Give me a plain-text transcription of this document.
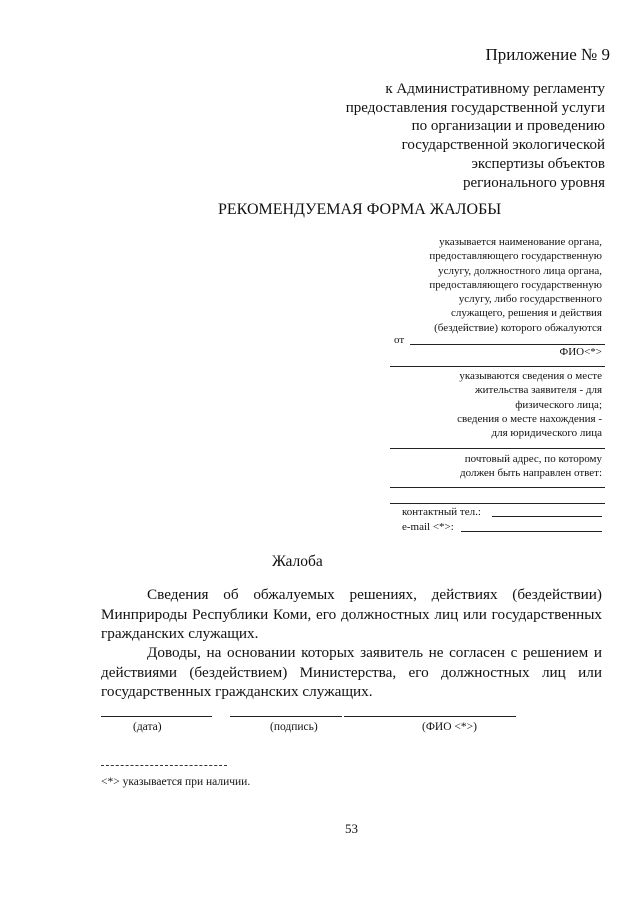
Приложение № 9
к Административному регламенту
предоставления государственной услуги
по организации и проведению
государственной экологической
экспертизы объектов
регионального уровня
РЕКОМЕНДУЕМАЯ ФОРМА ЖАЛОБЫ
указывается наименование органа,
предоставляющего государственную
услугу, должностного лица органа,
предоставляющего государственную
услугу, либо государственного
служащего, решения и действия
(бездействие) которого обжалуются
от
ФИО<*>
указываются сведения о месте
жительства заявителя - для
физического лица;
сведения о месте нахождения -
для юридического лица
почтовый адрес, по которому
должен быть направлен ответ:
контактный тел.:
e-mail <*>:
Жалоба
Сведения об обжалуемых решениях, действиях (бездействии) Минприроды Республики Коми, его должностных лиц или государственных гражданских служащих.
Доводы, на основании которых заявитель не согласен с решением и действиями (бездействием) Министерства, его должностных лиц или государственных гражданских служащих.
(дата)	(подпись)	(ФИО <*>)
<*> указывается при наличии.
53
